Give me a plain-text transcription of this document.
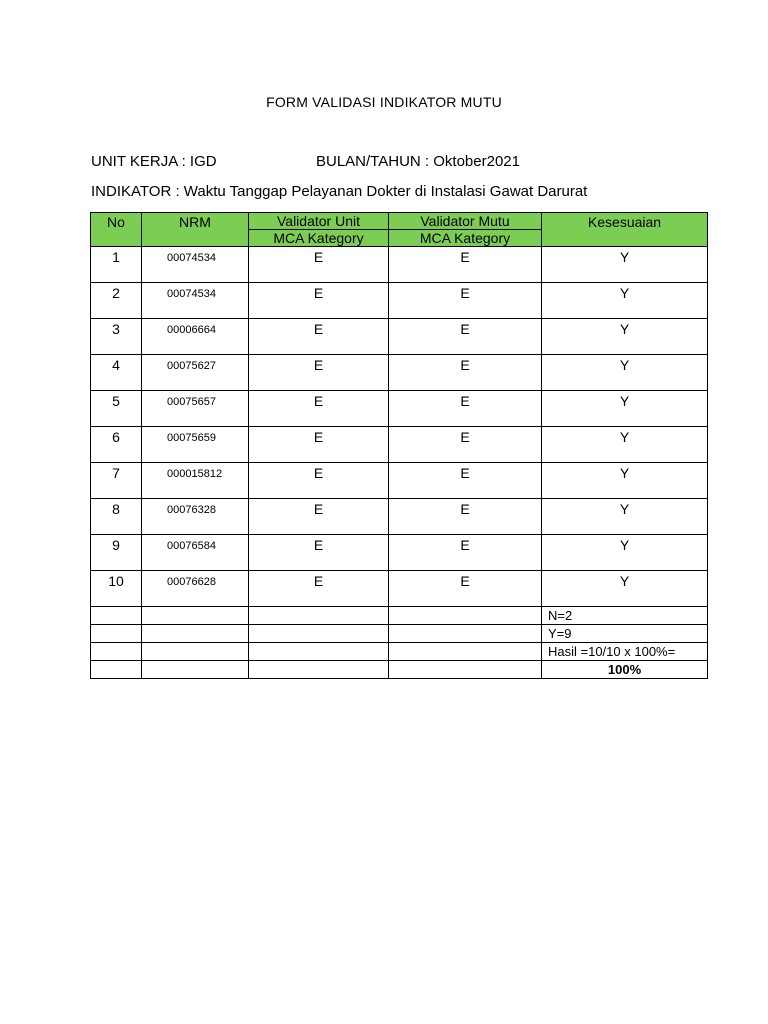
FORM VALIDASI INDIKATOR MUTU
UNIT KERJA : IGD	BULAN/TAHUN : Oktober2021
INDIKATOR : Waktu Tanggap Pelayanan Dokter di Instalasi Gawat Darurat
No	NRM	Validator Unit	Validator Mutu	Kesesuaian

		MCA Kategory	MCA Kategory	

1	00074534	E	E	Y

2	00074534	E	E	Y

3	00006664	E	E	Y

4	00075627	E	E	Y

5	00075657	E	E	Y

6	00075659	E	E	Y

7	000015812	E	E	Y

8	00076328	E	E	Y

9	00076584	E	E	Y

10	00076628	E	E	Y

				N=2
				Y=9
				Hasil =10/10 x 100%=
				100%
